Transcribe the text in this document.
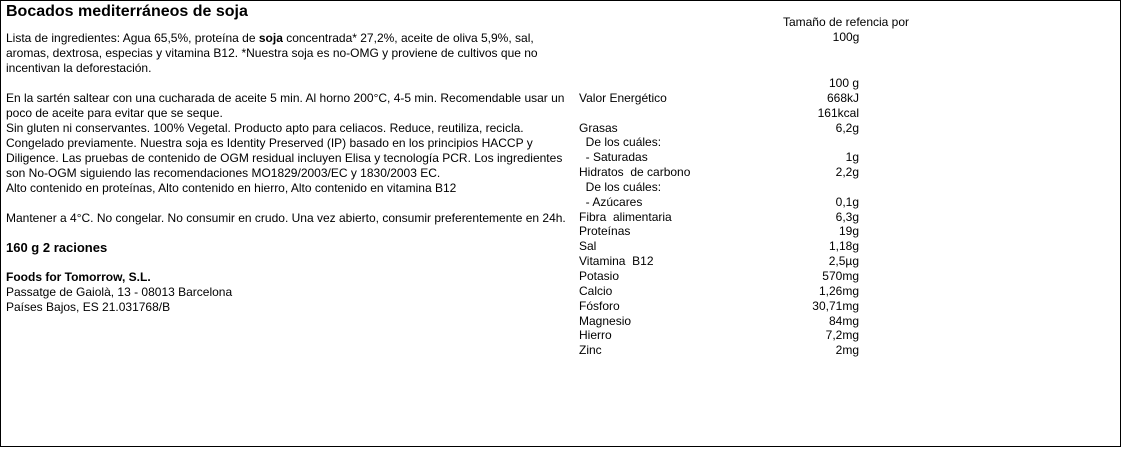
Bocados mediterráneos de soja

Lista de ingredientes: Agua 65,5%, proteína de soja concentrada* 27,2%, aceite de oliva 5,9%, sal, aromas, dextrosa, especias y vitamina B12. *Nuestra soja es no-OMG y proviene de cultivos que no incentivan la deforestación.

En la sartén saltear con una cucharada de aceite 5 min. Al horno 200°C, 4-5 min. Recomendable usar un poco de aceite para evitar que se seque.

Sin gluten ni conservantes. 100% Vegetal. Producto apto para celiacos. Reduce, reutiliza, recicla. Congelado previamente. Nuestra soja es Identity Preserved (IP) basado en los principios HACCP y Diligence. Las pruebas de contenido de OGM residual incluyen Elisa y tecnología PCR. Los ingredientes son No-OGM siguiendo las recomendaciones MO1829/2003/EC y 1830/2003 EC.

Alto contenido en proteínas, Alto contenido en hierro, Alto contenido en vitamina B12

Mantener a 4°C. No congelar. No consumir en crudo. Una vez abierto, consumir preferentemente en 24h.

160 g 2 raciones

Foods for Tomorrow, S.L.

Passatge de Gaiolà, 13 - 08013 Barcelona

Países Bajos, ES 21.031768/B

Tamaño de refencia por
100g
100 g
Valor Energético	668kJ
161kcal
Grasas	6,2g
De los cuáles:
- Saturadas	1g
Hidratos  de carbono	2,2g
De los cuáles:
- Azúcares	0,1g
Fibra  alimentaria	6,3g
Proteínas	19g
Sal	1,18g
Vitamina  B12	2,5µg
Potasio	570mg
Calcio	1,26mg
Fósforo	30,71mg
Magnesio	84mg
Hierro	7,2mg
Zinc	2mg
